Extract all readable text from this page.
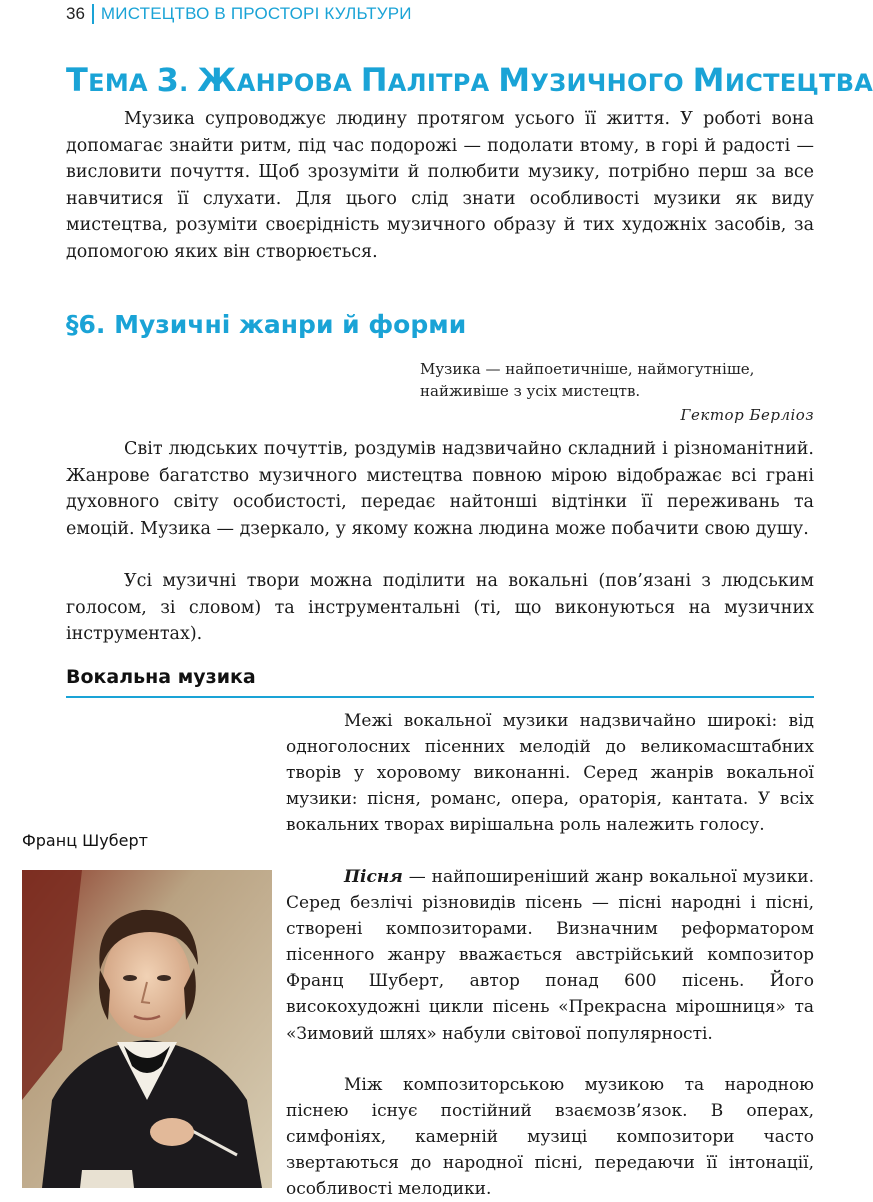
36 МИСТЕЦТВО В ПРОСТОРІ КУЛЬТУРИ
ТЕМА 3. ЖАНРОВА ПАЛІТРА МУЗИЧНОГО МИСТЕЦТВА

Музика супроводжує людину протягом усього її життя. У роботі вона допомагає знайти ритм, під час подорожі — подолати втому, в горі й радості — висловити почуття. Щоб зрозуміти й полюбити музику, потрібно перш за все навчитися її слухати. Для цього слід знати особливості музики як виду мистецтва, розуміти своєрідність музичного образу й тих художніх засобів, за допомогою яких він створюється.

§6. Музичні жанри й форми

Музика — найпоетичніше, наймогутніше, найживіше з усіх мистецтв.

Гектор Берліоз

Світ людських почуттів, роздумів надзвичайно складний і різноманітний. Жанрове багатство музичного мистецтва повною мірою відображає всі грані духовного світу особистості, передає найтонші відтінки її переживань та емоцій. Музика — дзеркало, у якому кожна людина може побачити свою душу.

Усі музичні твори можна поділити на вокальні (пов’язані з людським голосом, зі словом) та інструментальні (ті, що виконуються на музичних інструментах).

Вокальна музика
Франц Шуберт

Межі вокальної музики надзвичайно широкі: від одноголосних пісенних мелодій до великомасштабних творів у хоровому виконанні. Серед жанрів вокальної музики: пісня, романс, опера, ораторія, кантата. У всіх вокальних творах вирішальна роль належить голосу.

Пісня — найпоширеніший жанр вокальної музики. Серед безлічі різновидів пісень — пісні народні і пісні, створені композиторами. Визначним реформатором пісенного жанру вважається австрійський композитор Франц Шуберт, автор понад 600 пісень. Його високохудожні цикли пісень «Прекрасна мірошниця» та «Зимовий шлях» набули світової популярності.

Між композиторською музикою та народною піснею існує постійний взаємозв’язок. В операх, симфоніях, камерній музиці композитори часто звертаються до народної пісні, передаючи її інтонації, особливості мелодики.
